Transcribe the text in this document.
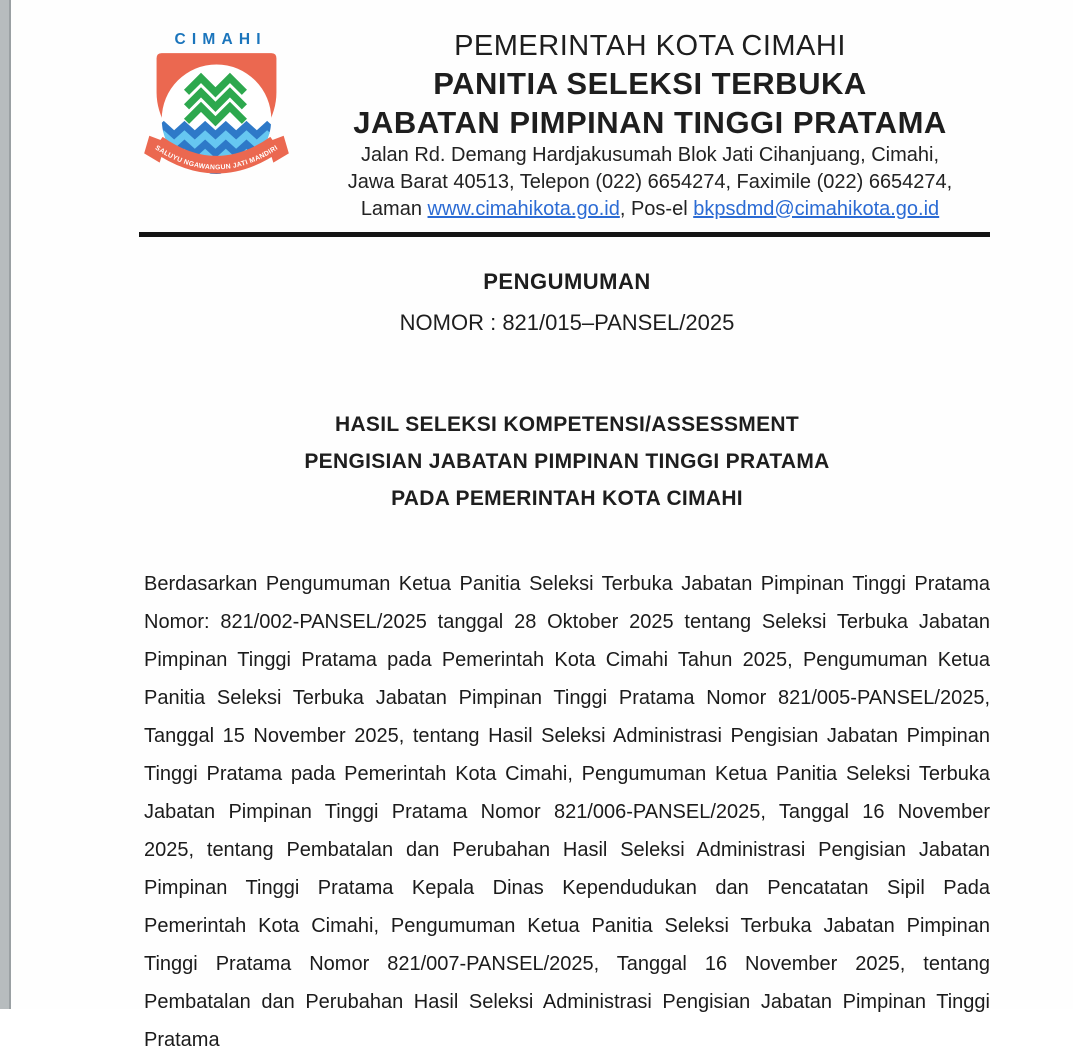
CIMAHI
SALUYU NGAWANGUN JATI MANDIRI
PEMERINTAH KOTA CIMAHI
PANITIA SELEKSI TERBUKA
JABATAN PIMPINAN TINGGI PRATAMA
Jalan Rd. Demang Hardjakusumah Blok Jati Cihanjuang, Cimahi,
Jawa Barat 40513, Telepon (022) 6654274, Faximile (022) 6654274,
Laman www.cimahikota.go.id, Pos-el bkpsdmd@cimahikota.go.id
PENGUMUMAN
NOMOR : 821/015–PANSEL/2025
HASIL SELEKSI KOMPETENSI/ASSESSMENT
PENGISIAN JABATAN PIMPINAN TINGGI PRATAMA
PADA PEMERINTAH KOTA CIMAHI
Berdasarkan Pengumuman Ketua Panitia Seleksi Terbuka Jabatan Pimpinan Tinggi Pratama Nomor: 821/002-PANSEL/2025 tanggal 28 Oktober 2025 tentang Seleksi Terbuka Jabatan Pimpinan Tinggi Pratama pada Pemerintah Kota Cimahi Tahun 2025, Pengumuman Ketua Panitia Seleksi Terbuka Jabatan Pimpinan Tinggi Pratama Nomor 821/005-PANSEL/2025, Tanggal 15 November 2025, tentang Hasil Seleksi Administrasi Pengisian Jabatan Pimpinan Tinggi Pratama pada Pemerintah Kota Cimahi, Pengumuman Ketua Panitia Seleksi Terbuka Jabatan Pimpinan Tinggi Pratama Nomor 821/006-PANSEL/2025, Tanggal 16 November 2025, tentang Pembatalan dan Perubahan Hasil Seleksi Administrasi Pengisian Jabatan Pimpinan Tinggi Pratama Kepala Dinas Kependudukan dan Pencatatan Sipil Pada Pemerintah Kota Cimahi, Pengumuman Ketua Panitia Seleksi Terbuka Jabatan Pimpinan Tinggi Pratama Nomor 821/007-PANSEL/2025, Tanggal 16 November 2025, tentang Pembatalan dan Perubahan Hasil Seleksi Administrasi Pengisian Jabatan Pimpinan Tinggi Pratama
